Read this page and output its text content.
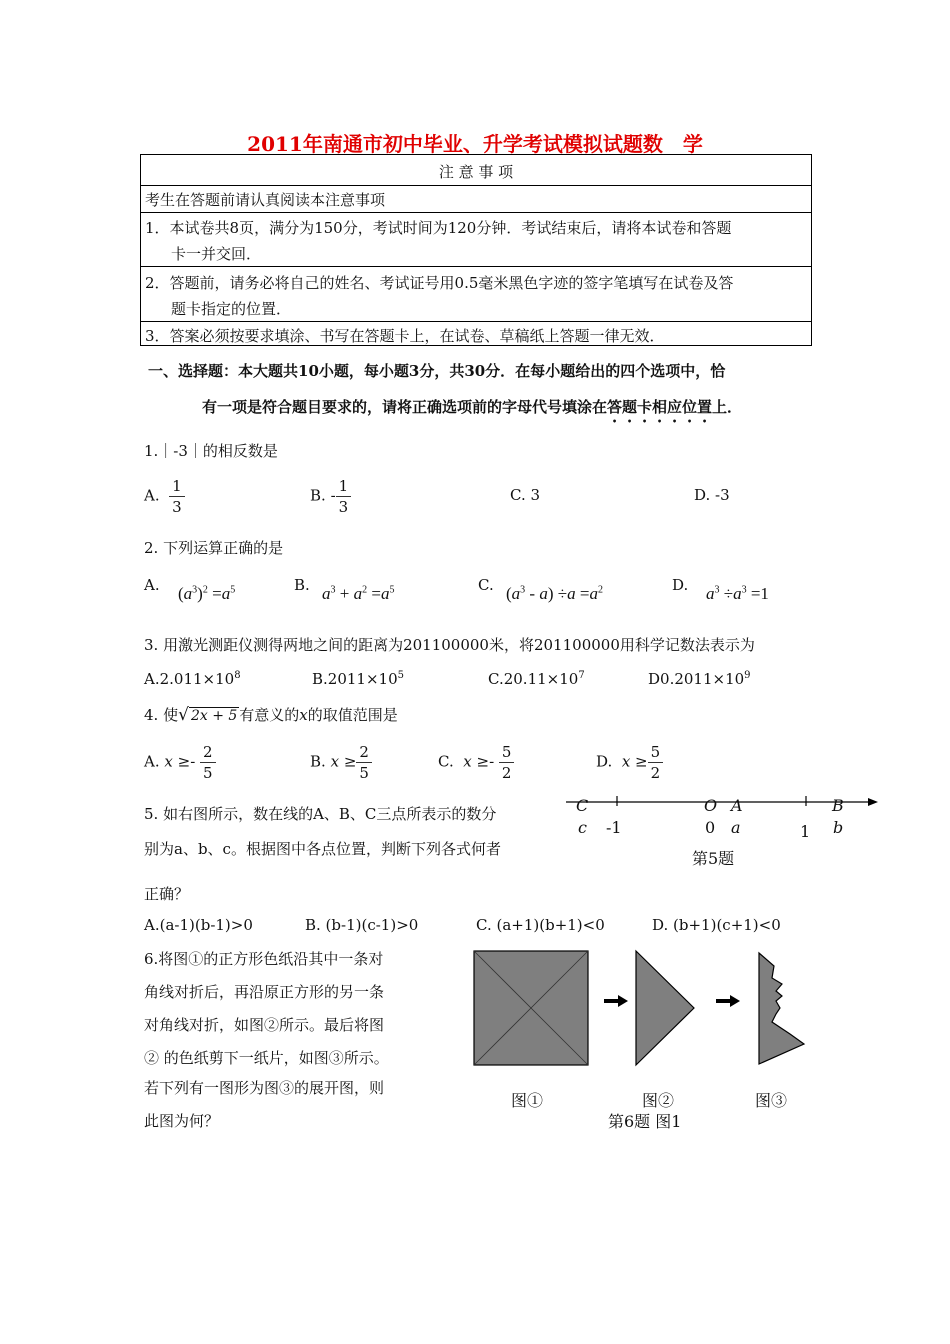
2011年南通市初中毕业、升学考试模拟试题数　学
注 意 事 项
考生在答题前请认真阅读本注意事项
1．本试卷共8页，满分为150分，考试时间为120分钟．考试结束后，请将本试卷和答题
卡一并交回．
2．答题前，请务必将自己的姓名、考试证号用0.5毫米黑色字迹的签字笔填写在试卷及答
题卡指定的位置．
3．答案必须按要求填涂、书写在答题卡上，在试卷、草稿纸上答题一律无效．
一、选择题：本大题共10小题，每小题3分，共30分．在每小题给出的四个选项中，恰
有一项是符合题目要求的，请将正确选项前的字母代号填涂在答题卡相应位置上．
1.｜-3｜的相反数是
A. $\frac{1}{3}$	B. - $\frac{1}{3}$	C. 3	D. -3
2. 下列运算正确的是
A. $(a^3)^2 =a^5$	B. $a^3 + a^2 =a^5$	C. $(a^3 - a) \div a =a^2$	D. $a^3 \div a^3 =1$
3. 用激光测距仪测得两地之间的距离为201100000米，将201100000用科学记数法表示为
$A.2.011\times 10^8$	$B.2011\times 10^5$	$C.20.11\times 10^7$	$D0.2011\times 10^9$
4. 使√ 2x + 5 有意义的x的取值范围是
A. $x \ge- \frac{2}{5}$	B. $x \ge \frac{2}{5}$	C. $x \ge- \frac{5}{2}$	D. $x \ge \frac{5}{2}$
5. 如右图所示，数在线的A、B、C三点所表示的数分
别为a、b、c。根据图中各点位置，判断下列各式何者
正确？
C
c -1
O A
0 a	1
B
b
第5题
A.(a-1)(b-1)>0	B. (b-1)(c-1)>0	C. (a+1)(b+1)<0	D. (b+1)(c+1)<0
6.将图①的正方形色纸沿其中一条对
角线对折后，再沿原正方形的另一条
对角线对折，如图②所示。最后将图
② 的色纸剪下一纸片，如图③所示。
若下列有一图形为图③的展开图，则
此图为何？
图①	图②	图③
第6题 图1
